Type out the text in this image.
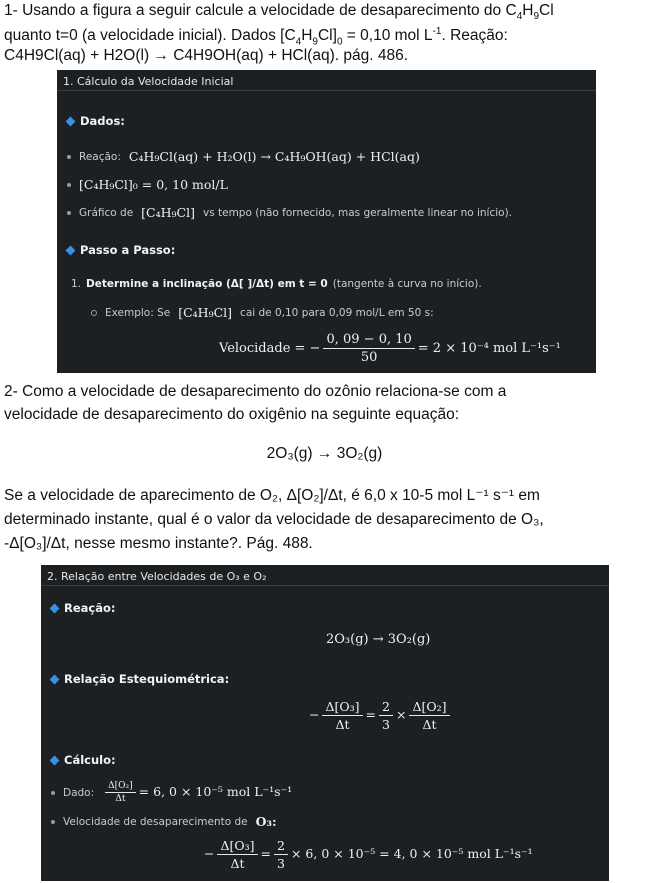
1- Usando a figura a seguir calcule a velocidade de desaparecimento do $C_4H_9Cl$

quanto t=0 (a velocidade inicial). Dados $[C_4H_9Cl]_0 = 0,10$ mol $L^{-1}$. Reação:

C4H9Cl(aq) + H2O(l) → C4H9OH(aq) + HCl(aq). pág. 486.

1. Cálculo da Velocidade Inicial
Dados:
Reação: C₄H₉Cl(aq) + H₂O(l) → C₄H₉OH(aq) + HCl(aq)
[C₄H₉Cl]₀ = 0, 10 mol/L
Gráfico de [C₄H₉Cl] vs tempo (não fornecido, mas geralmente linear no início).
Passo a Passo:
1. Determine a inclinação (Δ[ ]/Δt) em t = 0 (tangente à curva no início).
Exemplo: Se [C₄H₉Cl] cai de 0,10 para 0,09 mol/L em 50 s:
Velocidade = − $\frac{0, 09 - 0, 10}{50} = 2 \times 10^{-4}$ mol L⁻¹s⁻¹

2- Como a velocidade de desaparecimento do ozônio relaciona-se com a

velocidade de desaparecimento do oxigênio na seguinte equação:

2O₃(g) → 3O₂(g)

Se a velocidade de aparecimento de O₂, Δ[O₂]/Δt, é 6,0 x 10-5 mol L⁻¹ s⁻¹ em

determinado instante, qual é o valor da velocidade de desaparecimento de O₃,

-Δ[O₃]/Δt, nesse mesmo instante?. Pág. 488.

2. Relação entre Velocidades de O₃ e O₂
Reação:
2O₃(g) → 3O₂(g)
Relação Estequiométrica:
− $\frac{\text{Δ[O₃]}}{\Delta t} = \frac{2}{3} \times \frac{\text{Δ[O₂]}}{\Delta t}$
Cálculo:
Dado: $\frac{\text{Δ[O₂]}}{\Delta t} = 6$, 0 × 10⁻⁵ mol L⁻¹s⁻¹
Velocidade de desaparecimento de O₃:
− $\frac{\text{Δ[O₃]}}{\Delta t} = \frac{2}{3} \times 6$, 0 × 10⁻⁵ = 4, 0 × 10⁻⁵ mol L⁻¹s⁻¹
